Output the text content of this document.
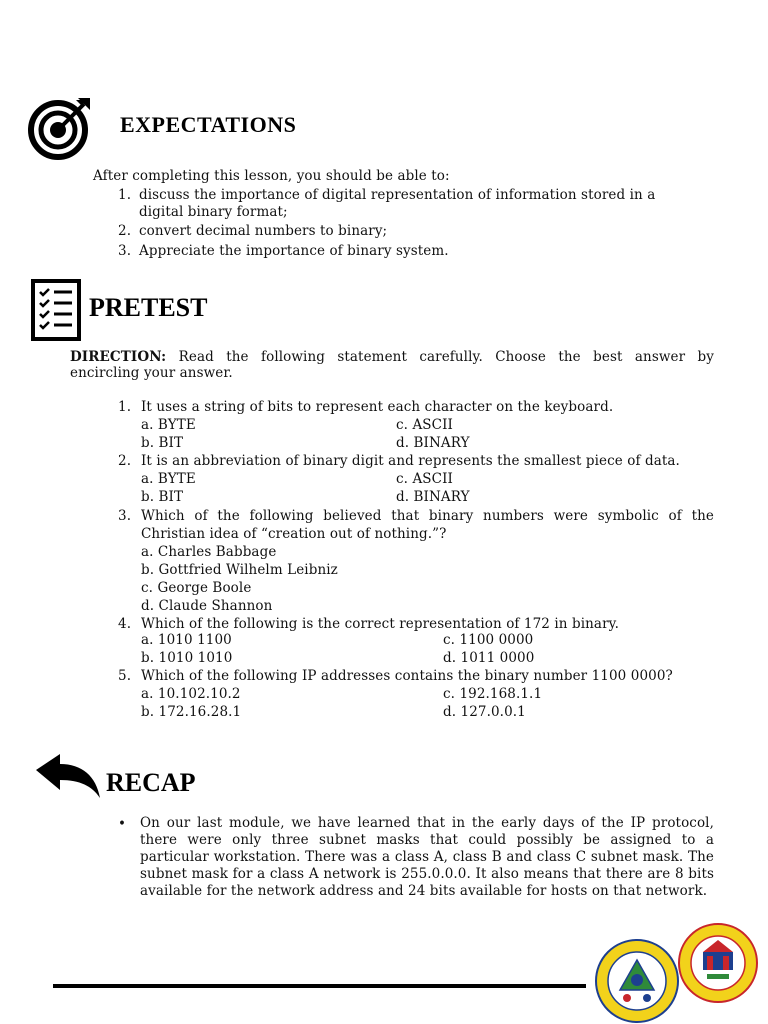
EXPECTATIONS
After completing this lesson, you should be able to:
1. discuss the importance of digital representation of information stored in a
digital binary format;
2. convert decimal numbers to binary;
3. Appreciate the importance of binary system.
PRETEST
DIRECTION: Read the following statement carefully. Choose the best answer by
encircling your answer.
1. It uses a string of bits to represent each character on the keyboard.
a. BYTE	c. ASCII
b. BIT	d. BINARY
2. It is an abbreviation of binary digit and represents the smallest piece of data.
a. BYTE	c. ASCII
b. BIT	d. BINARY
3. Which of the following believed that binary numbers were symbolic of the Christian idea of “creation out of nothing.”?
a. Charles Babbage
b. Gottfried Wilhelm Leibniz
c. George Boole
d. Claude Shannon
4. Which of the following is the correct representation of 172 in binary.
a. 1010 1100	c. 1100 0000
b. 1010 1010	d. 1011 0000
5. Which of the following IP addresses contains the binary number 1100 0000?
a. 10.102.10.2	c. 192.168.1.1
b. 172.16.28.1	d. 127.0.0.1
RECAP
• On our last module, we have learned that in the early days of the IP protocol, there were only three subnet masks that could possibly be assigned to a particular workstation. There was a class A, class B and class C subnet mask. The subnet mask for a class A network is 255.0.0.0. It also means that there are 8 bits available for the network address and 24 bits available for hosts on that network.
